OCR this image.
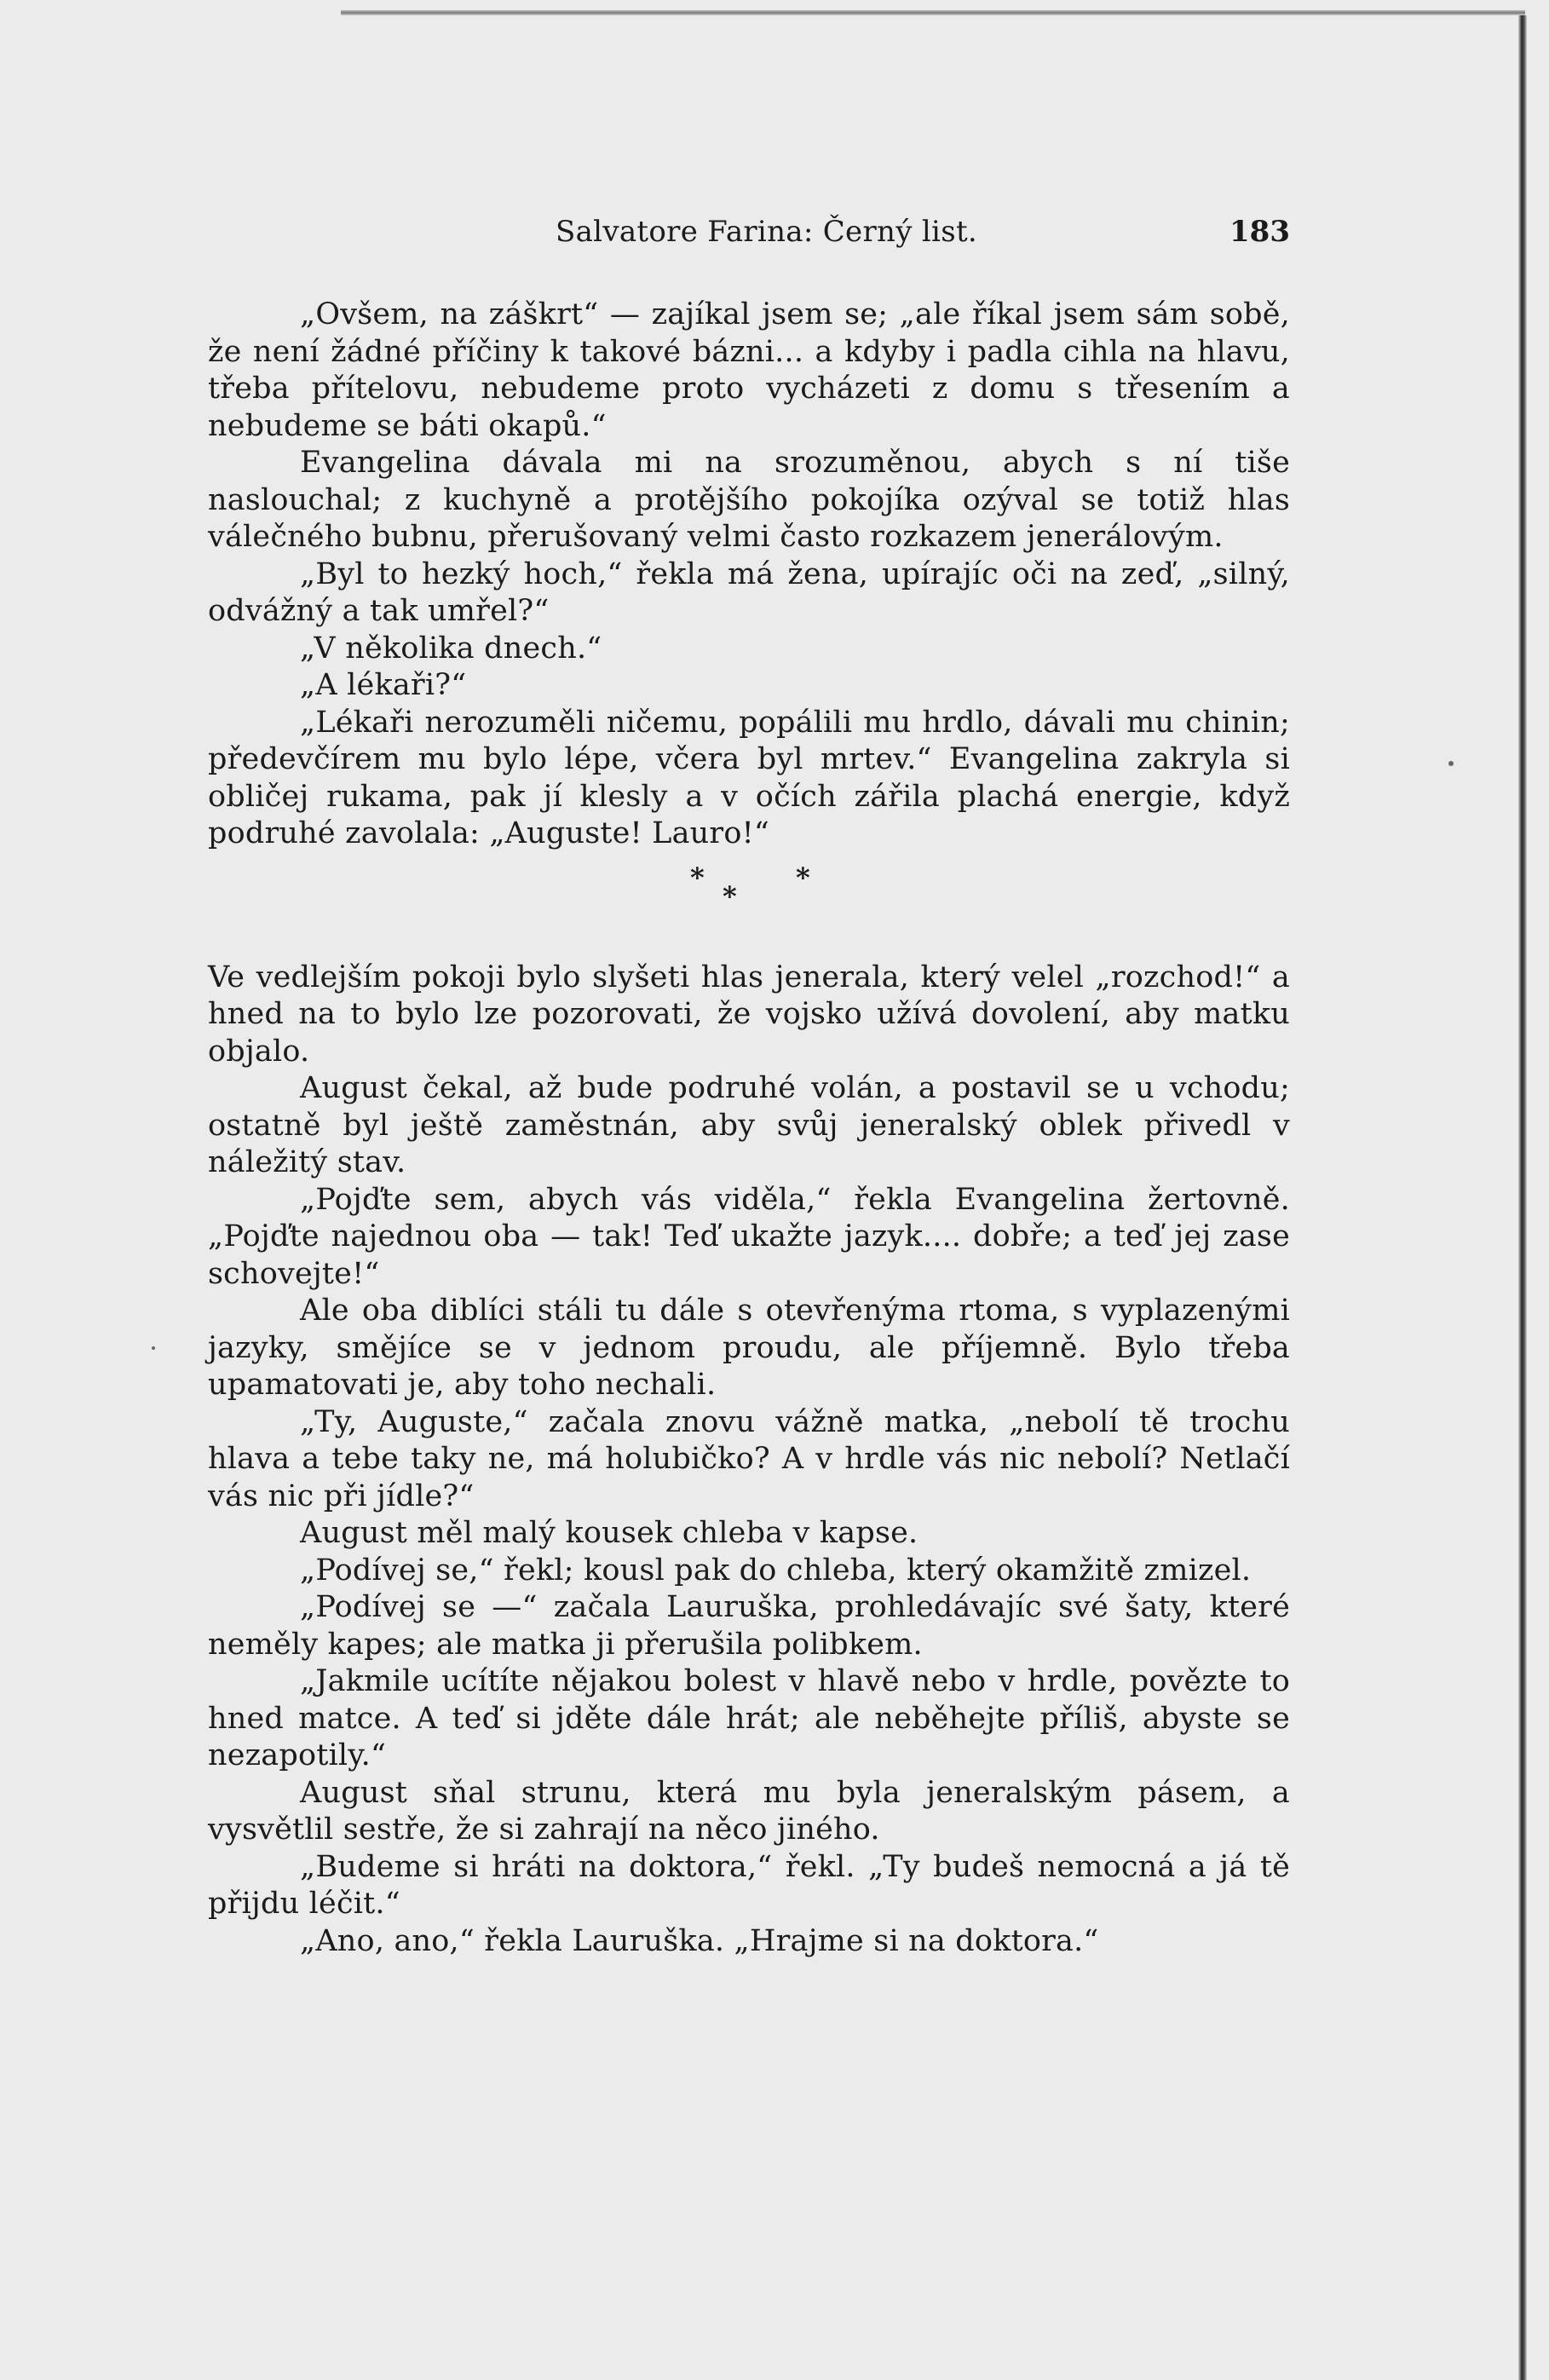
Salvatore Farina: Černý list.	183

„Ovšem, na záškrt“ — zajíkal jsem se; „ale říkal jsem sám sobě, že není žádné příčiny k takové bázni... a kdyby i padla cihla na hlavu, třeba přítelovu, nebudeme proto vycházeti z domu s třesením a nebudeme se báti okapů.“

Evangelina dávala mi na srozuměnou, abych s ní tiše naslouchal; z kuchyně a protějšího pokojíka ozýval se totiž hlas válečného bubnu, přerušovaný velmi často rozkazem jenerálovým.

„Byl to hezký hoch,“ řekla má žena, upírajíc oči na zeď, „silný, odvážný a tak umřel?“

„V několika dnech.“

„A lékaři?“

„Lékaři nerozuměli ničemu, popálili mu hrdlo, dávali mu chinin; předevčírem mu bylo lépe, včera byl mrtev.“ Evangelina zakryla si obličej rukama, pak jí klesly a v očích zářila plachá energie, když podruhé zavolala: „Auguste! Lauro!“

*
*
*

Ve vedlejším pokoji bylo slyšeti hlas jenerala, který velel „rozchod!“ a hned na to bylo lze pozorovati, že vojsko užívá dovolení, aby matku objalo.

August čekal, až bude podruhé volán, a postavil se u vchodu; ostatně byl ještě zaměstnán, aby svůj jeneralský oblek přivedl v náležitý stav.

„Pojďte sem, abych vás viděla,“ řekla Evangelina žertovně. „Pojďte najednou oba — tak! Teď ukažte jazyk.... dobře; a teď jej zase schovejte!“

Ale oba diblíci stáli tu dále s otevřenýma rtoma, s vyplazenými jazyky, smějíce se v jednom proudu, ale příjemně. Bylo třeba upamatovati je, aby toho nechali.

„Ty, Auguste,“ začala znovu vážně matka, „nebolí tě trochu hlava a tebe taky ne, má holubičko? A v hrdle vás nic nebolí? Netlačí vás nic při jídle?“

August měl malý kousek chleba v kapse.

„Podívej se,“ řekl; kousl pak do chleba, který okamžitě zmizel.

„Podívej se —“ začala Lauruška, prohledávajíc své šaty, které neměly kapes; ale matka ji přerušila polibkem.

„Jakmile ucítíte nějakou bolest v hlavě nebo v hrdle, povězte to hned matce. A teď si jděte dále hrát; ale neběhejte příliš, abyste se nezapotily.“

August sňal strunu, která mu byla jeneralským pásem, a vysvětlil sestře, že si zahrají na něco jiného.

„Budeme si hráti na doktora,“ řekl. „Ty budeš nemocná a já tě přijdu léčit.“

„Ano, ano,“ řekla Lauruška. „Hrajme si na doktora.“
